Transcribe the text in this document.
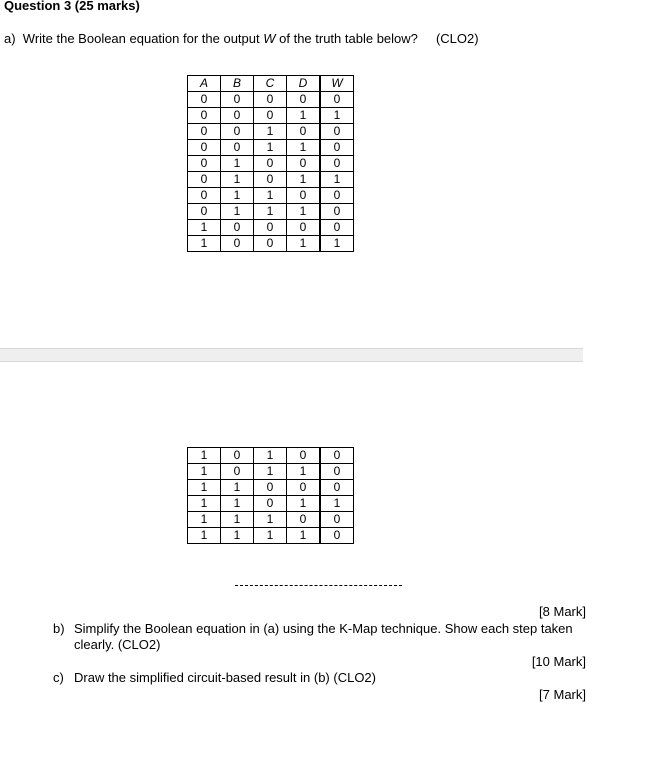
Question 3 (25 marks)
a) Write the Boolean equation for the output W of the truth table below? (CLO2)
A	B	C	D	W
0	0	0	0	0
0	0	0	1	1
0	0	1	0	0
0	0	1	1	0
0	1	0	0	0
0	1	0	1	1
0	1	1	0	0
0	1	1	1	0
1	0	0	0	0
1	0	0	1	1
1	0	1	0	0
1	0	1	1	0
1	1	0	0	0
1	1	0	1	1
1	1	1	0	0
1	1	1	1	0
[8 Mark]
b) Simplify the Boolean equation in (a) using the K-Map technique. Show each step taken clearly. (CLO2)
[10 Mark]
c) Draw the simplified circuit-based result in (b) (CLO2)
[7 Mark]
